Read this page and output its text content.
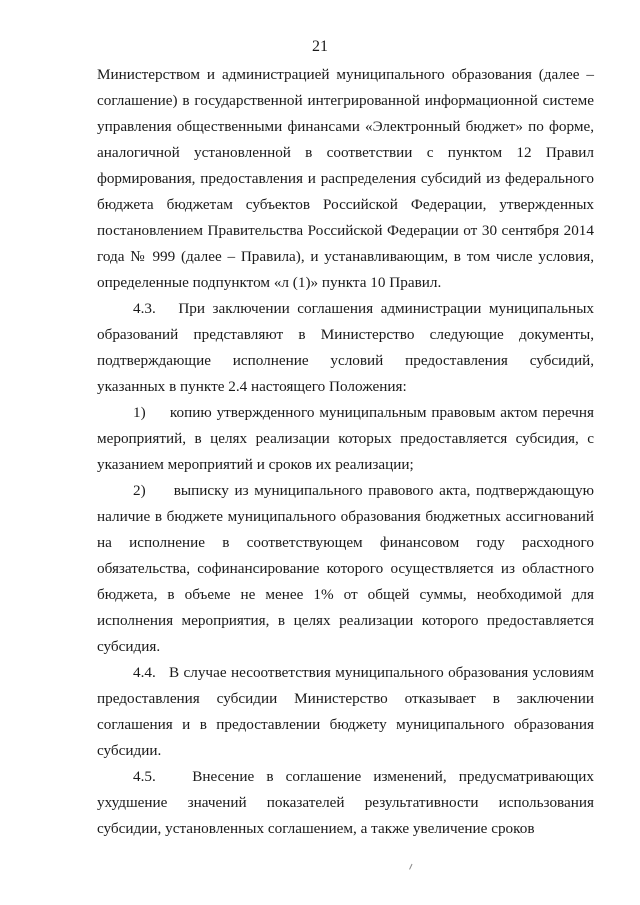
21

Министерством и администрацией муниципального образования (далее – соглашение) в государственной интегрированной информационной системе управления общественными финансами «Электронный бюджет» по форме, аналогичной установленной в соответствии с пунктом 12 Правил формирования, предоставления и распределения субсидий из федерального бюджета бюджетам субъектов Российской Федерации, утвержденных постановлением Правительства Российской Федерации от 30 сентября 2014 года № 999 (далее – Правила), и устанавливающим, в том числе условия, определенные подпунктом «л (1)» пункта 10 Правил.

4.3.   При заключении соглашения администрации муниципальных образований представляют в Министерство следующие документы, подтверждающие исполнение условий предоставления субсидий, указанных в пункте 2.4 настоящего Положения:

1)     копию утвержденного муниципальным правовым актом перечня мероприятий, в целях реализации которых предоставляется субсидия, с указанием мероприятий и сроков их реализации;

2)     выписку из муниципального правового акта, подтверждающую наличие в бюджете муниципального образования бюджетных ассигнований на исполнение в соответствующем финансовом году расходного обязательства, софинансирование которого осуществляется из областного бюджета, в объеме не менее 1% от общей суммы, необходимой для исполнения мероприятия, в целях реализации которого предоставляется субсидия.

4.4.   В случае несоответствия муниципального образования условиям предоставления субсидии Министерство отказывает в заключении соглашения и в предоставлении бюджету муниципального образования субсидии.

4.5.   Внесение в соглашение изменений, предусматривающих ухудшение значений показателей результативности использования субсидии, установленных соглашением, а также увеличение сроков
